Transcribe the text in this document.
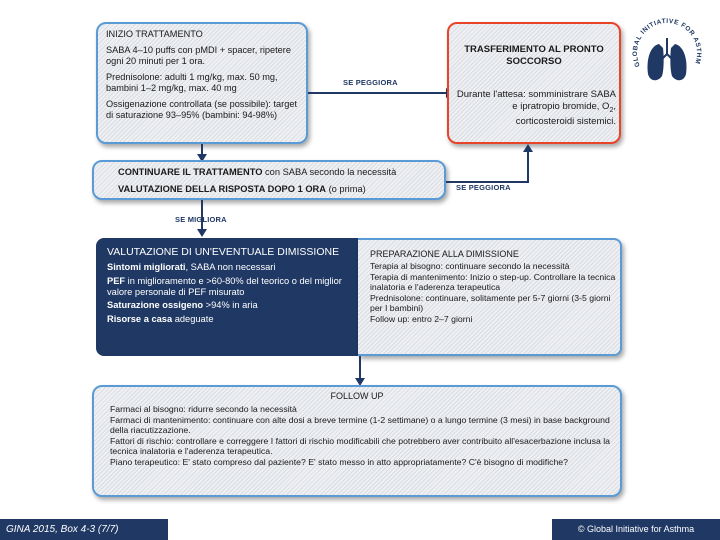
INIZIO TRATTAMENTO

SABA 4–10 puffs con pMDI + spacer, ripetere ogni 20 minuti per 1 ora.

Prednisolone: adulti 1 mg/kg, max. 50 mg, bambini 1–2 mg/kg, max. 40 mg

Ossigenazione controllata (se possibile): target di saturazione 93–95% (bambini: 94-98%)

SE PEGGIORA
TRASFERIMENTO AL PRONTO SOCCORSO
Durante l'attesa: somministrare SABA e ipratropio bromide, $O_2$, corticosteroidi sistemici.
GLOBAL INITIATIVE FOR ASTHM
CONTINUARE IL TRATTAMENTO con SABA secondo la necessità
VALUTAZIONE DELLA RISPOSTA DOPO 1 ORA (o prima)	SE PEGGIORA
SE MIGLIORA
VALUTAZIONE DI UN'EVENTUALE DIMISSIONE
Sintomi migliorati, SABA non necessari
PEF in miglioramento e >60-80% del teorico o del miglior valore personale di PEF misurato
Saturazione ossigeno >94% in aria
Risorse a casa adeguate

PREPARAZIONE ALLA DIMISSIONE

Terapia al bisogno: continuare secondo la necessità

Terapia di mantenimento: Inizio o step-up. Controllare la tecnica inalatoria e l'aderenza terapeutica

Prednisolone: continuare, solitamente per 5-7 giorni (3-5 giorni per I bambini)

Follow up: entro 2–7 giorni

FOLLOW UP

Farmaci al bisogno: ridurre secondo la necessità

Farmaci di mantenimento: continuare con alte dosi a breve termine (1-2 settimane) o a lungo termine (3 mesi) in base background della riacutizzazione.

Fattori di rischio: controllare e correggere I fattori di rischio modificabili che potrebbero aver contribuito all'esacerbazione inclusa la tecnica inalatoria e l'aderenza terapeutica.

Piano terapeutico: E' stato compreso dal paziente? E' stato messo in atto appropriatamente? C'è bisogno di modifiche?

GINA 2015, Box 4-3 (7/7)	© Global Initiative for Asthma
